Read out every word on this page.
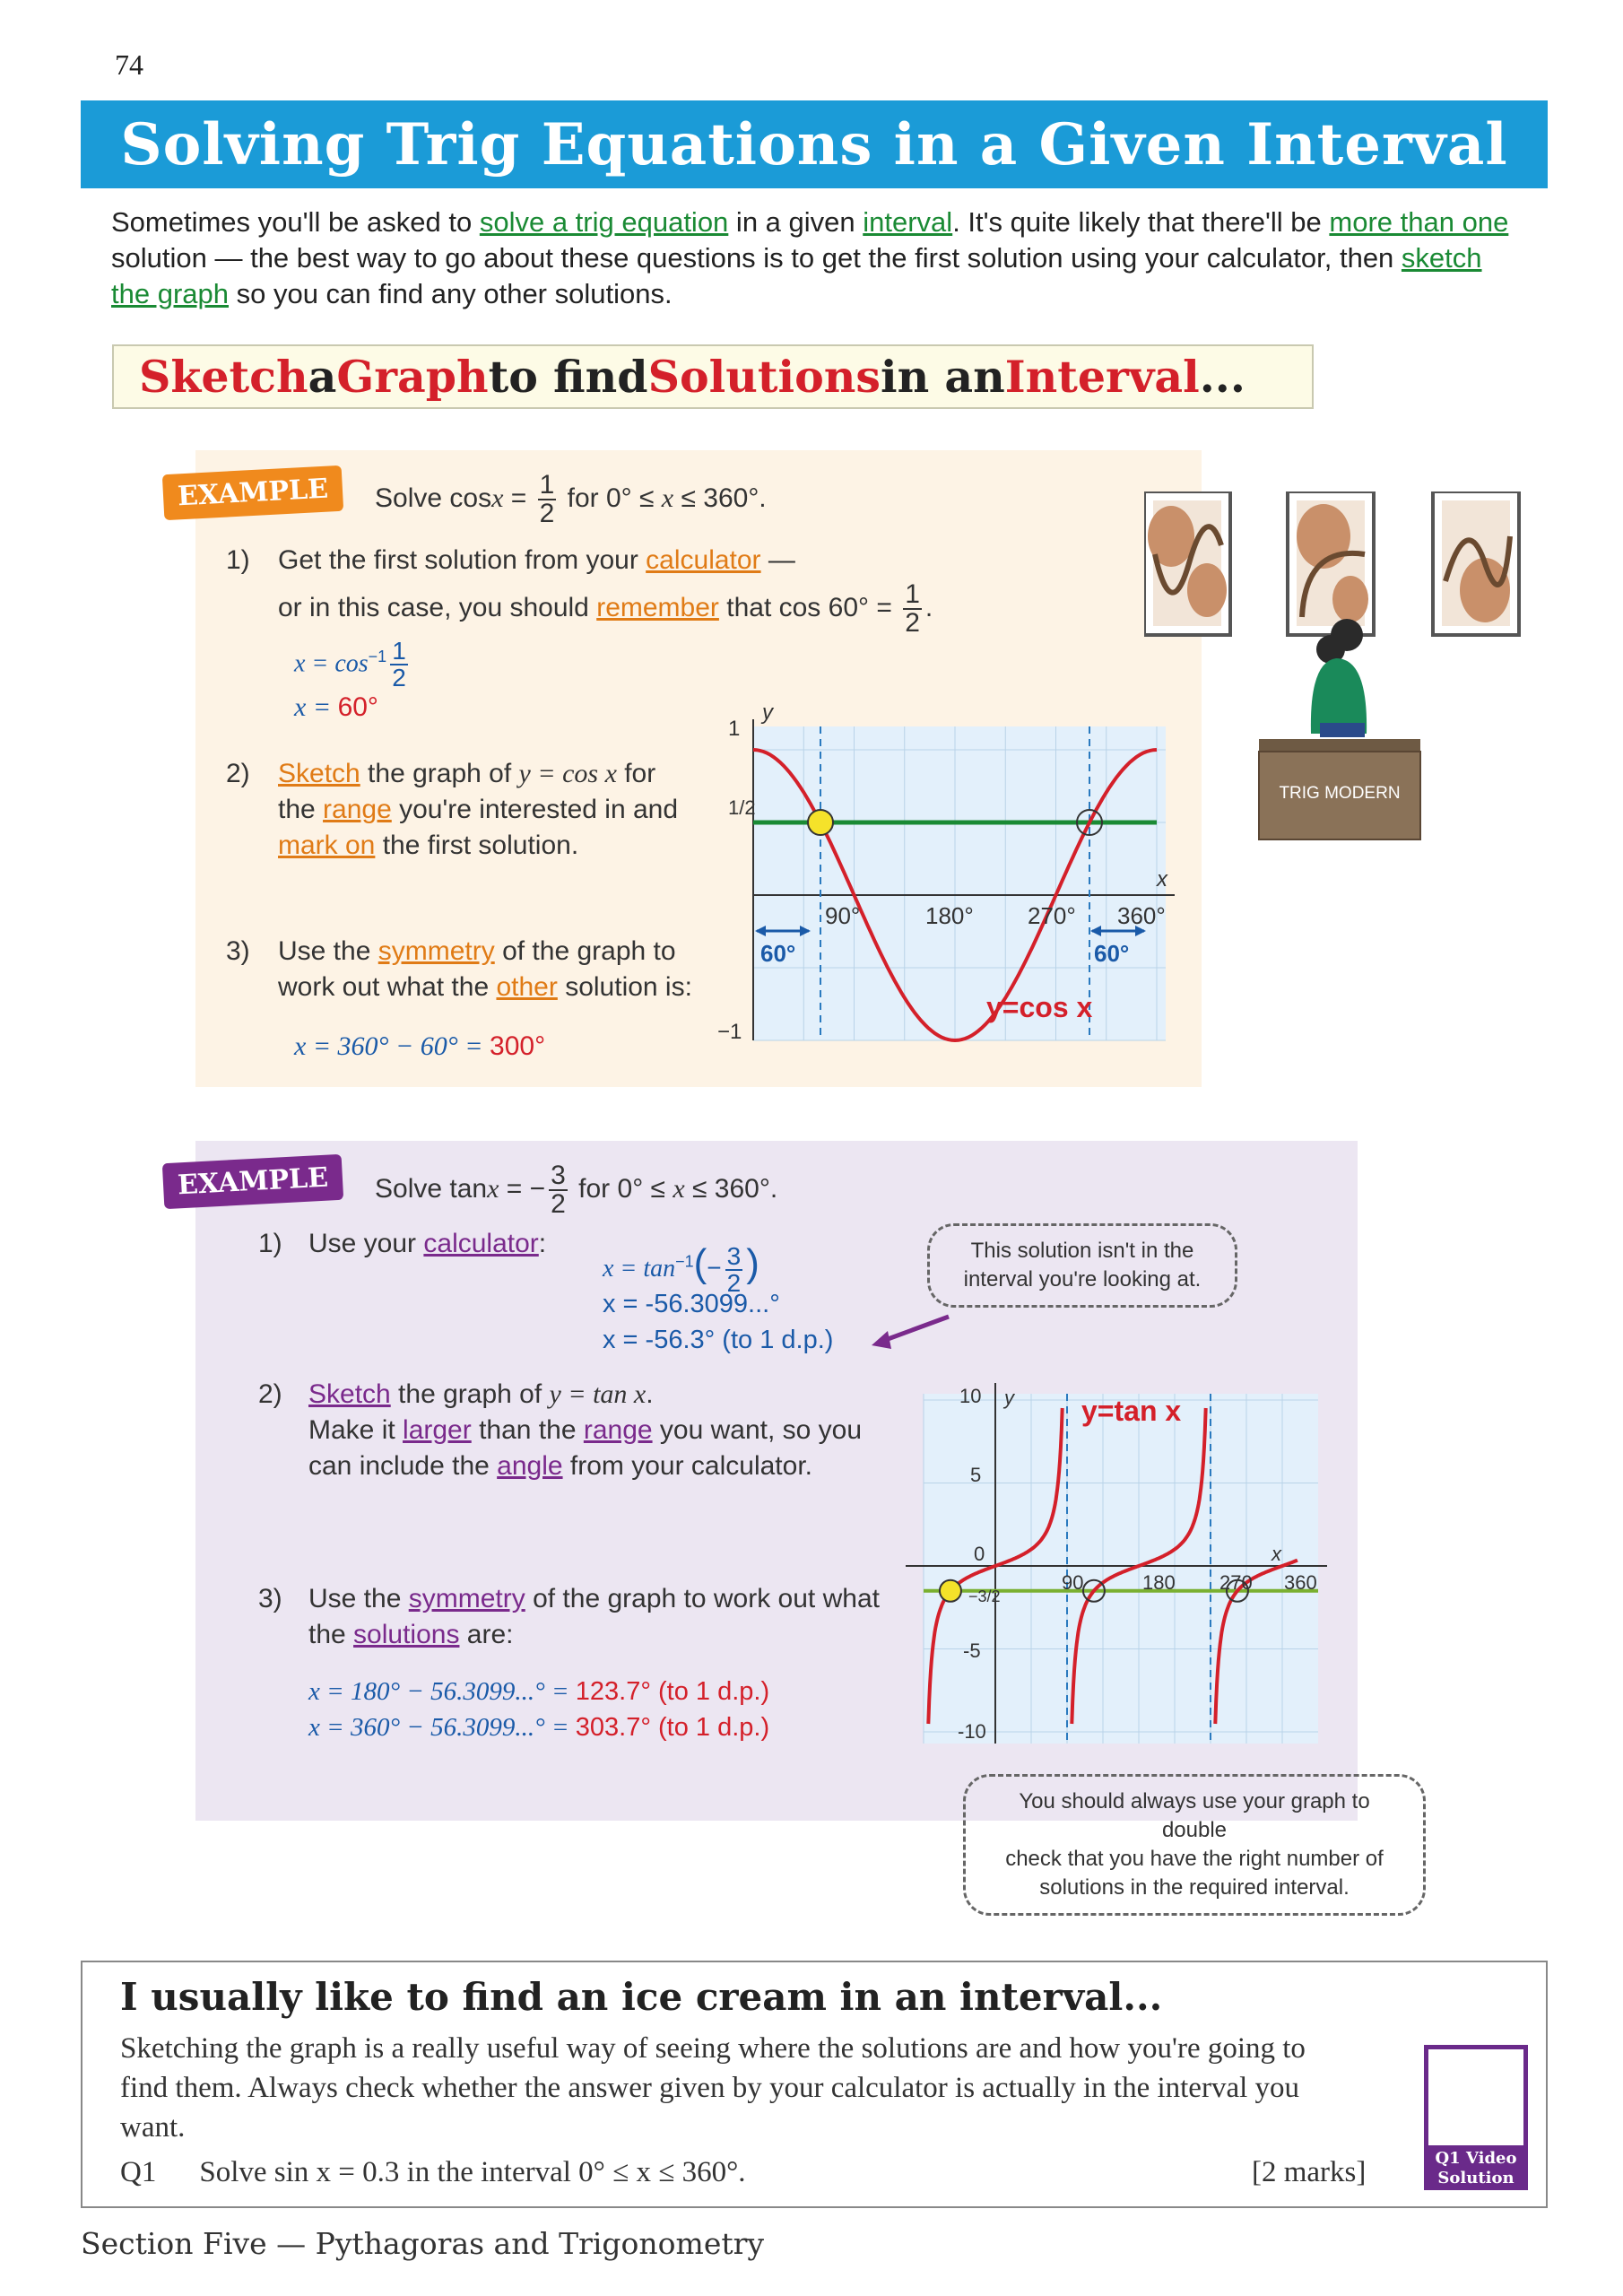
74
Solving Trig Equations in a Given Interval
Sometimes you'll be asked to solve a trig equation in a given interval. It's quite likely that there'll be more than one solution — the best way to go about these questions is to get the first solution using your calculator, then sketch the graph so you can find any other solutions.
Sketch a Graph to find Solutions in an Interval ...
EXAMPLE	Solve $\cos x = \frac{1}{2}$ for 0° ≤ x ≤ 360°.
1) Get the first solution from your calculator —
or in this case, you should remember that $\cos 60^\circ = \frac{1}{2}$ .
$x = \cos^{-1} \frac{1}{2}$
x = 60°
2) Sketch the graph of y = cos x for
the range you're interested in and
mark on the first solution.
3) Use the symmetry of the graph to
work out what the other solution is:
x = 360° − 60° = 300°
1
1/2
−1
y
x
90°	180° 270° 360°
60°	60°
y=cos x
TRIG MODERN
EXAMPLE	Solve tanx = − $\frac{3}{2}$ for 0° ≤ x ≤ 360°.
1) Use your calculator:
$x = \tan^{-1}(- \frac{3}{2}$ )
x = -56.3099...°
x = -56.3° (to 1 d.p.)
This solution isn't in the
interval you're looking at.
2) Sketch the graph of y = tan x.
Make it larger than the range you want, so you
can include the angle from your calculator.
3) Use the symmetry of the graph to work out what
the solutions are:
x = 180° − 56.3099...° = 123.7° (to 1 d.p.)
x = 360° − 56.3099...° = 303.7° (to 1 d.p.)
10
5
0
−3/2
-5
-10
y
x
90	180 270 360
y=tan x
You should always use your graph to double
check that you have the right number of
solutions in the required interval.
I usually like to find an ice cream in an interval...
Sketching the graph is a really useful way of seeing where the solutions are and how you're going to find them. Always check whether the answer given by your calculator is actually in the interval you want.
Q1 Solve sin x = 0.3 in the interval 0° ≤ x ≤ 360°.	[2 marks]	Q1 Video Solution
Section Five — Pythagoras and Trigonometry
